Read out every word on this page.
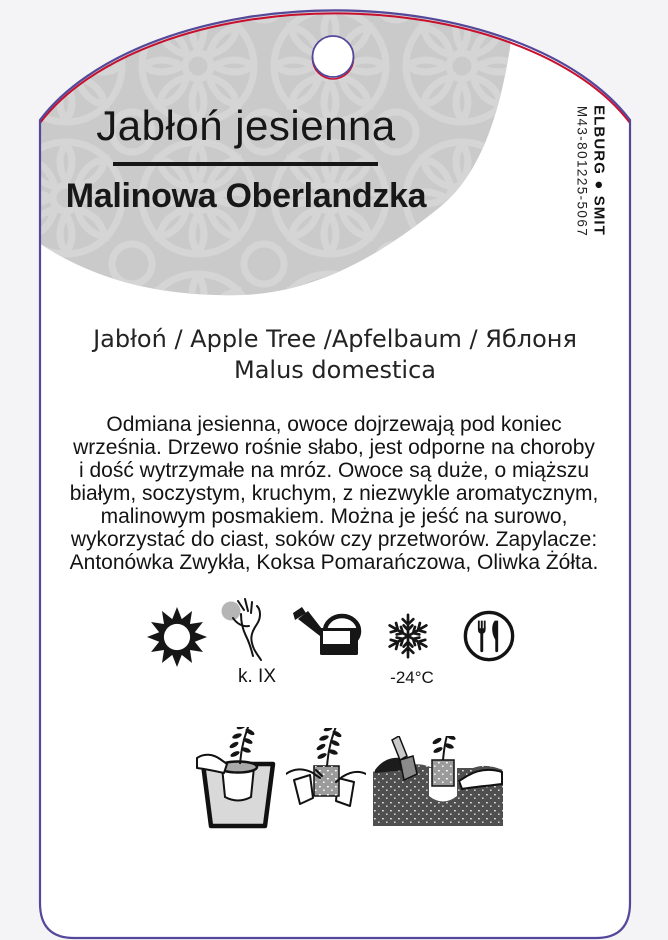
Jabłoń jesienna
Malinowa Oberlandzka	ELBURG ● SMIT
M43-801225-5067
Jabłoń / Apple Tree /Apfelbaum / Яблоня
Malus domestica
Odmiana jesienna, owoce dojrzewają pod koniec
września. Drzewo rośnie słabo, jest odporne na choroby
i dość wytrzymałe na mróz. Owoce są duże, o miąższu
białym, soczystym, kruchym, z niezwykle aromatycznym,
malinowym posmakiem. Można je jeść na surowo,
wykorzystać do ciast, soków czy przetworów. Zapylacze:
Antonówka Zwykła, Koksa Pomarańczowa, Oliwka Żółta.
k. IX	-24°C
